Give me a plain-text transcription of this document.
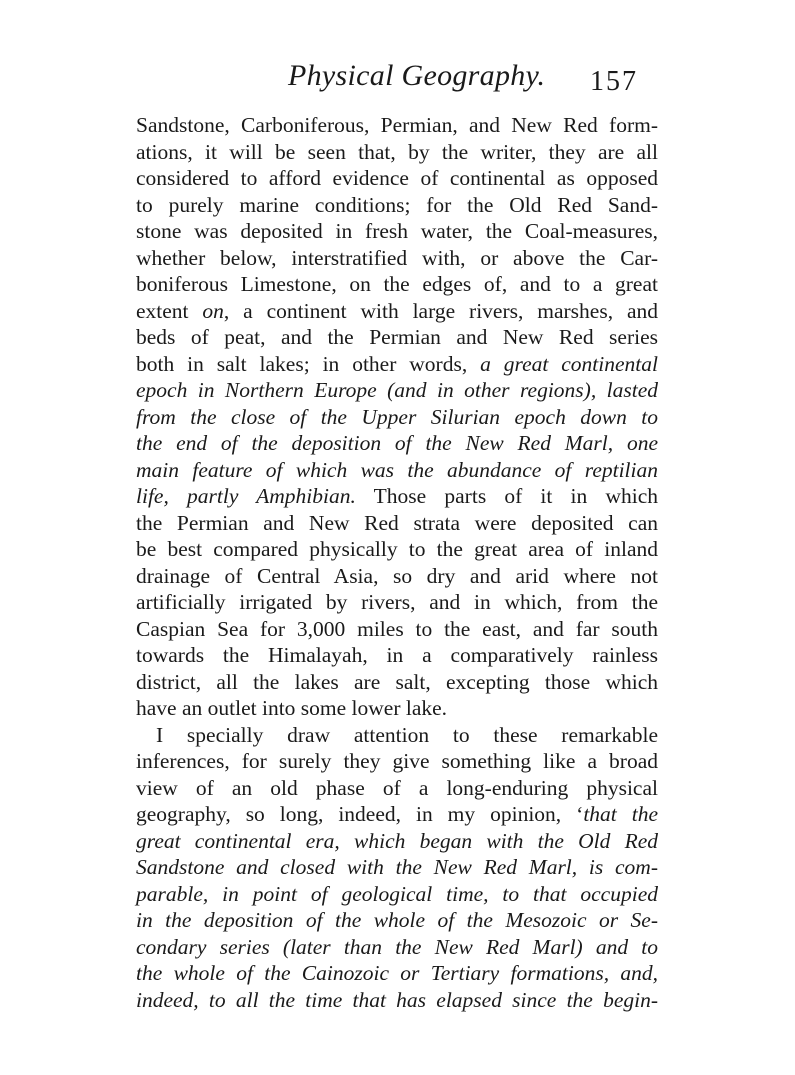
Physical Geography. 157
Sandstone, Carboniferous, Permian, and New Red form-
ations, it will be seen that, by the writer, they are all
considered to afford evidence of continental as opposed
to purely marine conditions; for the Old Red Sand-
stone was deposited in fresh water, the Coal-measures,
whether below, interstratified with, or above the Car-
boniferous Limestone, on the edges of, and to a great
extent on, a continent with large rivers, marshes, and
beds of peat, and the Permian and New Red series
both in salt lakes; in other words, a great continental
epoch in Northern Europe (and in other regions), lasted
from the close of the Upper Silurian epoch down to
the end of the deposition of the New Red Marl, one
main feature of which was the abundance of reptilian
life, partly Amphibian. Those parts of it in which
the Permian and New Red strata were deposited can
be best compared physically to the great area of inland
drainage of Central Asia, so dry and arid where not
artificially irrigated by rivers, and in which, from the
Caspian Sea for 3,000 miles to the east, and far south
towards the Himalayah, in a comparatively rainless
district, all the lakes are salt, excepting those which
have an outlet into some lower lake.
I specially draw attention to these remarkable
inferences, for surely they give something like a broad
view of an old phase of a long-enduring physical
geography, so long, indeed, in my opinion, ‘that the
great continental era, which began with the Old Red
Sandstone and closed with the New Red Marl, is com-
parable, in point of geological time, to that occupied
in the deposition of the whole of the Mesozoic or Se-
condary series (later than the New Red Marl) and to
the whole of the Cainozoic or Tertiary formations, and,
indeed, to all the time that has elapsed since the begin-
